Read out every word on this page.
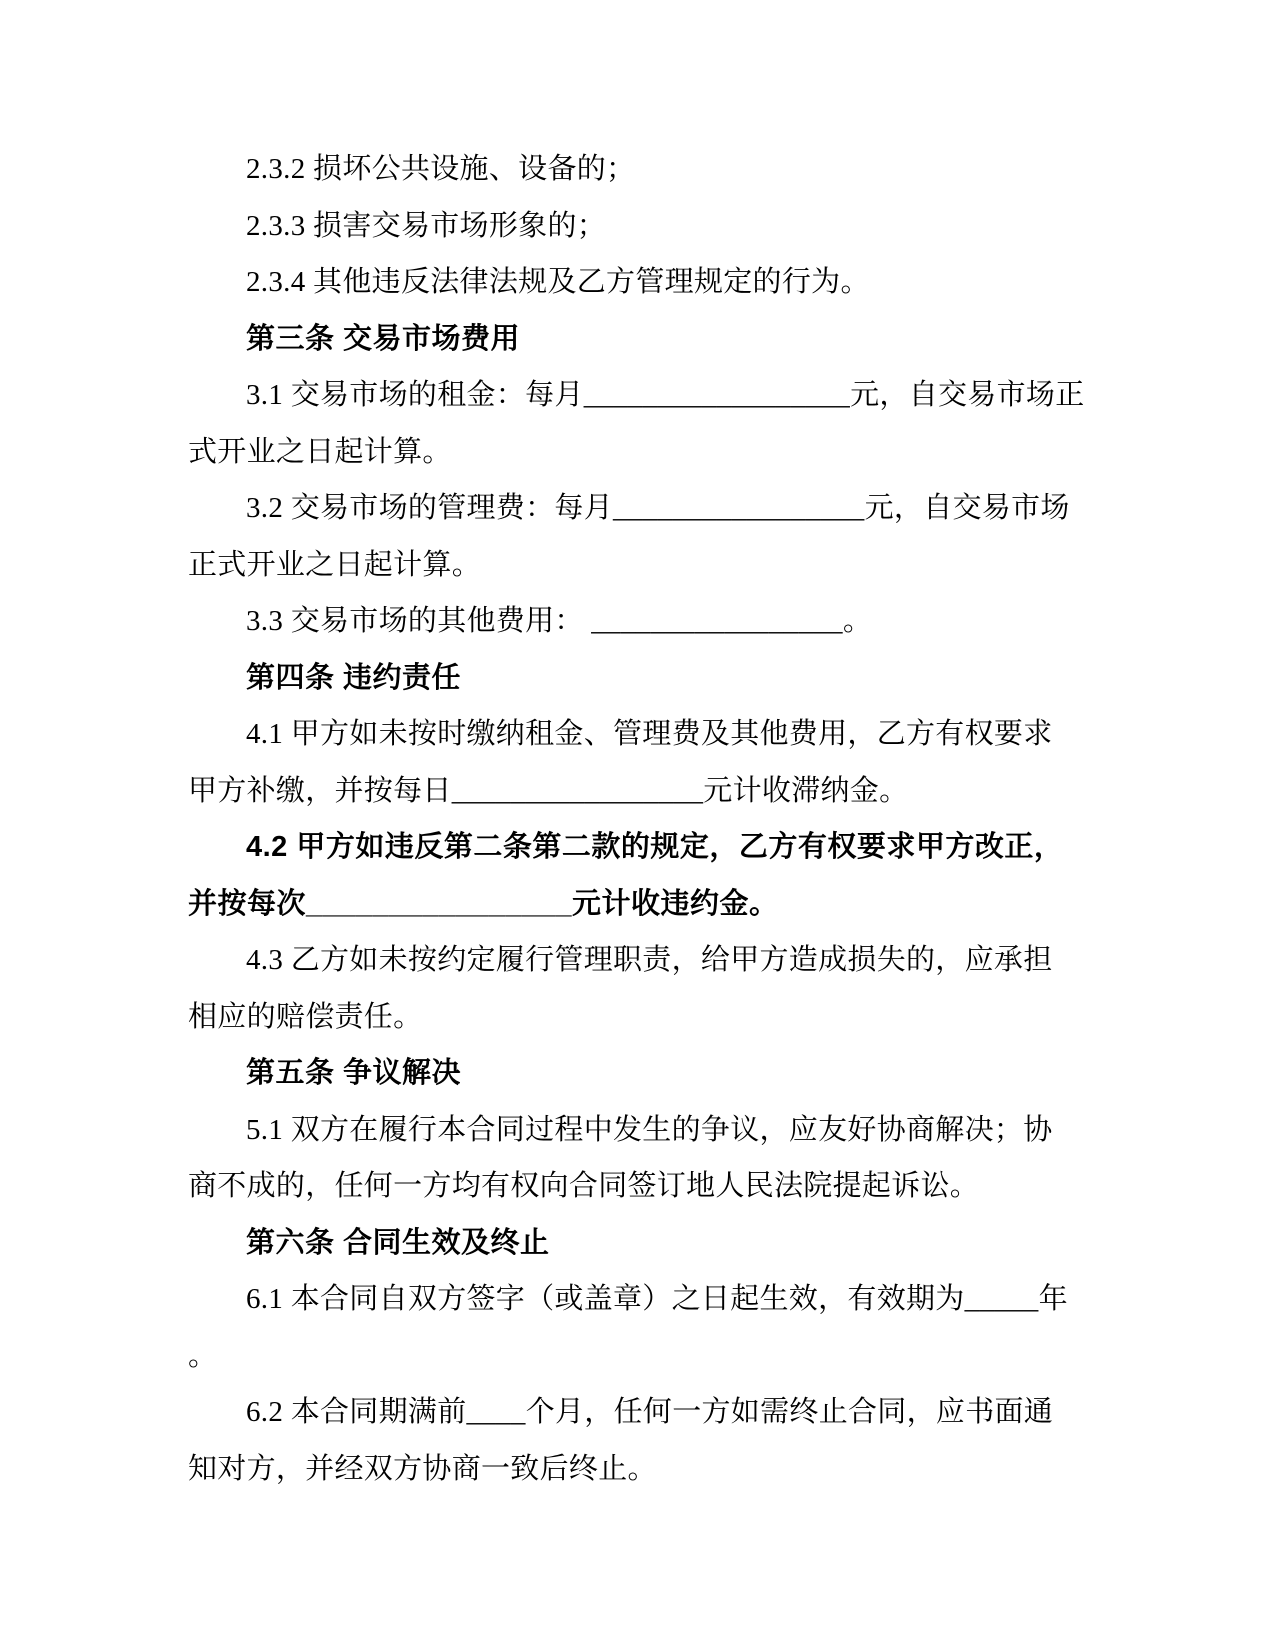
2.3.2 损坏公共设施、设备的；
2.3.3 损害交易市场形象的；
2.3.4 其他违反法律法规及乙方管理规定的行为。
第三条 交易市场费用
3.1 交易市场的租金：每月__________________元，自交易市场正
式开业之日起计算。
3.2 交易市场的管理费：每月_________________元，自交易市场
正式开业之日起计算。
3.3 交易市场的其他费用： _________________。
第四条 违约责任
4.1 甲方如未按时缴纳租金、管理费及其他费用，乙方有权要求
甲方补缴，并按每日_________________元计收滞纳金。
4.2 甲方如违反第二条第二款的规定，乙方有权要求甲方改正，
并按每次________________元计收违约金。
4.3 乙方如未按约定履行管理职责，给甲方造成损失的，应承担
相应的赔偿责任。
第五条 争议解决
5.1 双方在履行本合同过程中发生的争议，应友好协商解决；协
商不成的，任何一方均有权向合同签订地人民法院提起诉讼。
第六条 合同生效及终止
6.1 本合同自双方签字（或盖章）之日起生效，有效期为_____年
。
6.2 本合同期满前____个月，任何一方如需终止合同，应书面通
知对方，并经双方协商一致后终止。
